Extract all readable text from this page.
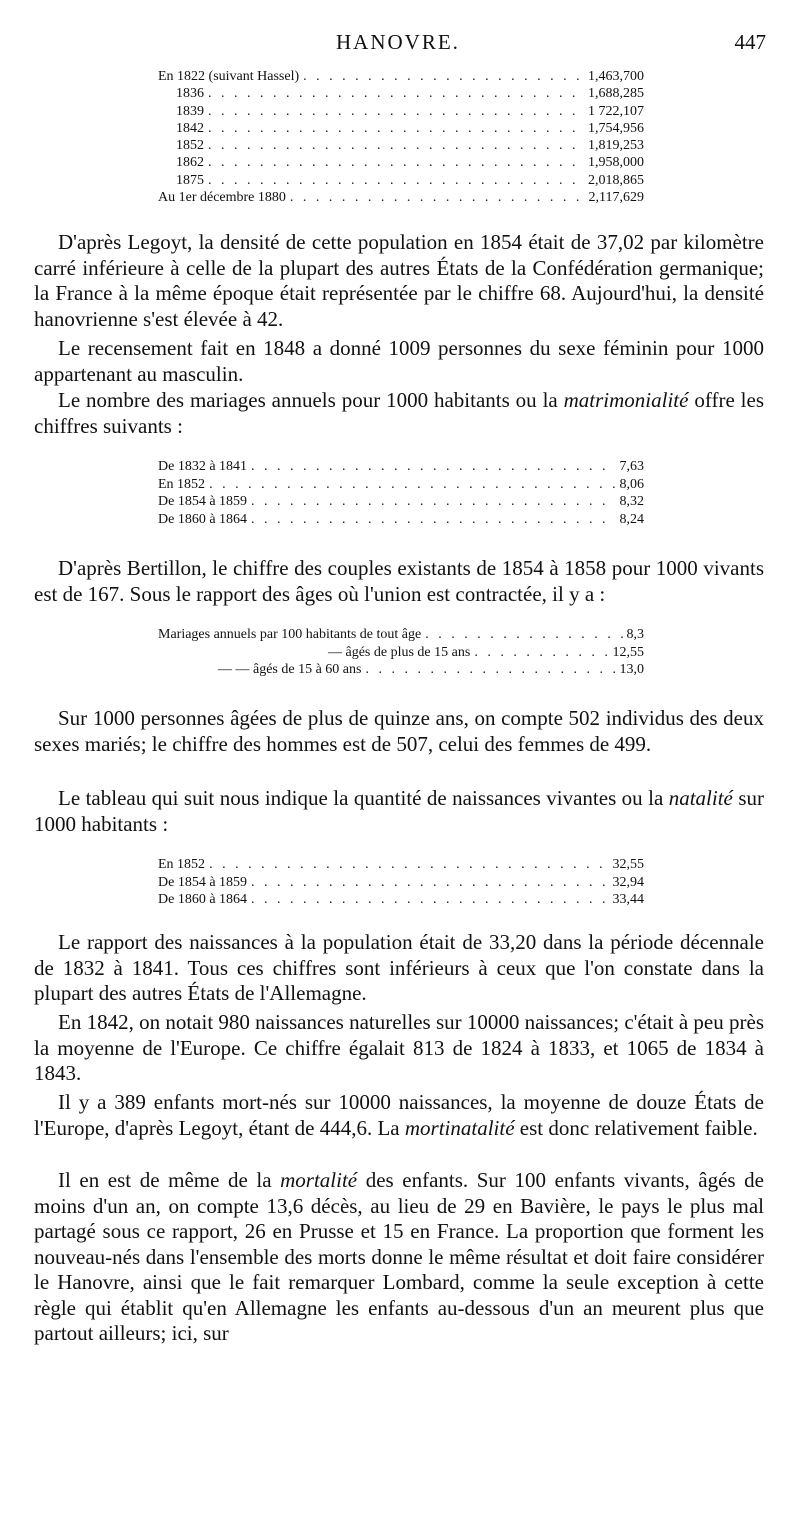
HANOVRE.	447
En 1822 (suivant Hassel) . . .	1,463,700
1836 . . .	1,688,285
1839 . . .	1 722,107
1842 . . .	1,754,956
1852 . . .	1,819,253
1862 . . .	1,958,000
1875 . . .	2,018,865
Au 1er décembre 1880 . . .	2,117,629

D'après Legoyt, la densité de cette population en 1854 était de 37,02 par kilomètre carré inférieure à celle de la plupart des autres États de la Confédération germanique; la France à la même époque était représentée par le chiffre 68. Aujourd'hui, la densité hanovrienne s'est élevée à 42.

Le recensement fait en 1848 a donné 1009 personnes du sexe féminin pour 1000 appartenant au masculin.

Le nombre des mariages annuels pour 1000 habitants ou la matrimonialité offre les chiffres suivants :

De 1832 à 1841 . . .	7,63
En 1852 . . .	8,06
De 1854 à 1859 . . .	8,32
De 1860 à 1864 . . .	8,24

D'après Bertillon, le chiffre des couples existants de 1854 à 1858 pour 1000 vivants est de 167. Sous le rapport des âges où l'union est contractée, il y a :

Mariages annuels par 100 habitants de tout âge . . .	8,3
— âgés de plus de 15 ans . . .	12,55
— — âgés de 15 à 60 ans . . .	13,0

Sur 1000 personnes âgées de plus de quinze ans, on compte 502 individus des deux sexes mariés; le chiffre des hommes est de 507, celui des femmes de 499.

Le tableau qui suit nous indique la quantité de naissances vivantes ou la natalité sur 1000 habitants :

En 1852 . . .	32,55
De 1854 à 1859 . . .	32,94
De 1860 à 1864 . . .	33,44

Le rapport des naissances à la population était de 33,20 dans la période décennale de 1832 à 1841. Tous ces chiffres sont inférieurs à ceux que l'on constate dans la plupart des autres États de l'Allemagne.

En 1842, on notait 980 naissances naturelles sur 10000 naissances; c'était à peu près la moyenne de l'Europe. Ce chiffre égalait 813 de 1824 à 1833, et 1065 de 1834 à 1843.

Il y a 389 enfants mort-nés sur 10000 naissances, la moyenne de douze États de l'Europe, d'après Legoyt, étant de 444,6. La mortinatalité est donc relativement faible.

Il en est de même de la mortalité des enfants. Sur 100 enfants vivants, âgés de moins d'un an, on compte 13,6 décès, au lieu de 29 en Bavière, le pays le plus mal partagé sous ce rapport, 26 en Prusse et 15 en France. La proportion que forment les nouveau-nés dans l'ensemble des morts donne le même résultat et doit faire considérer le Hanovre, ainsi que le fait remarquer Lombard, comme la seule exception à cette règle qui établit qu'en Allemagne les enfants au-dessous d'un an meurent plus que partout ailleurs; ici, sur
